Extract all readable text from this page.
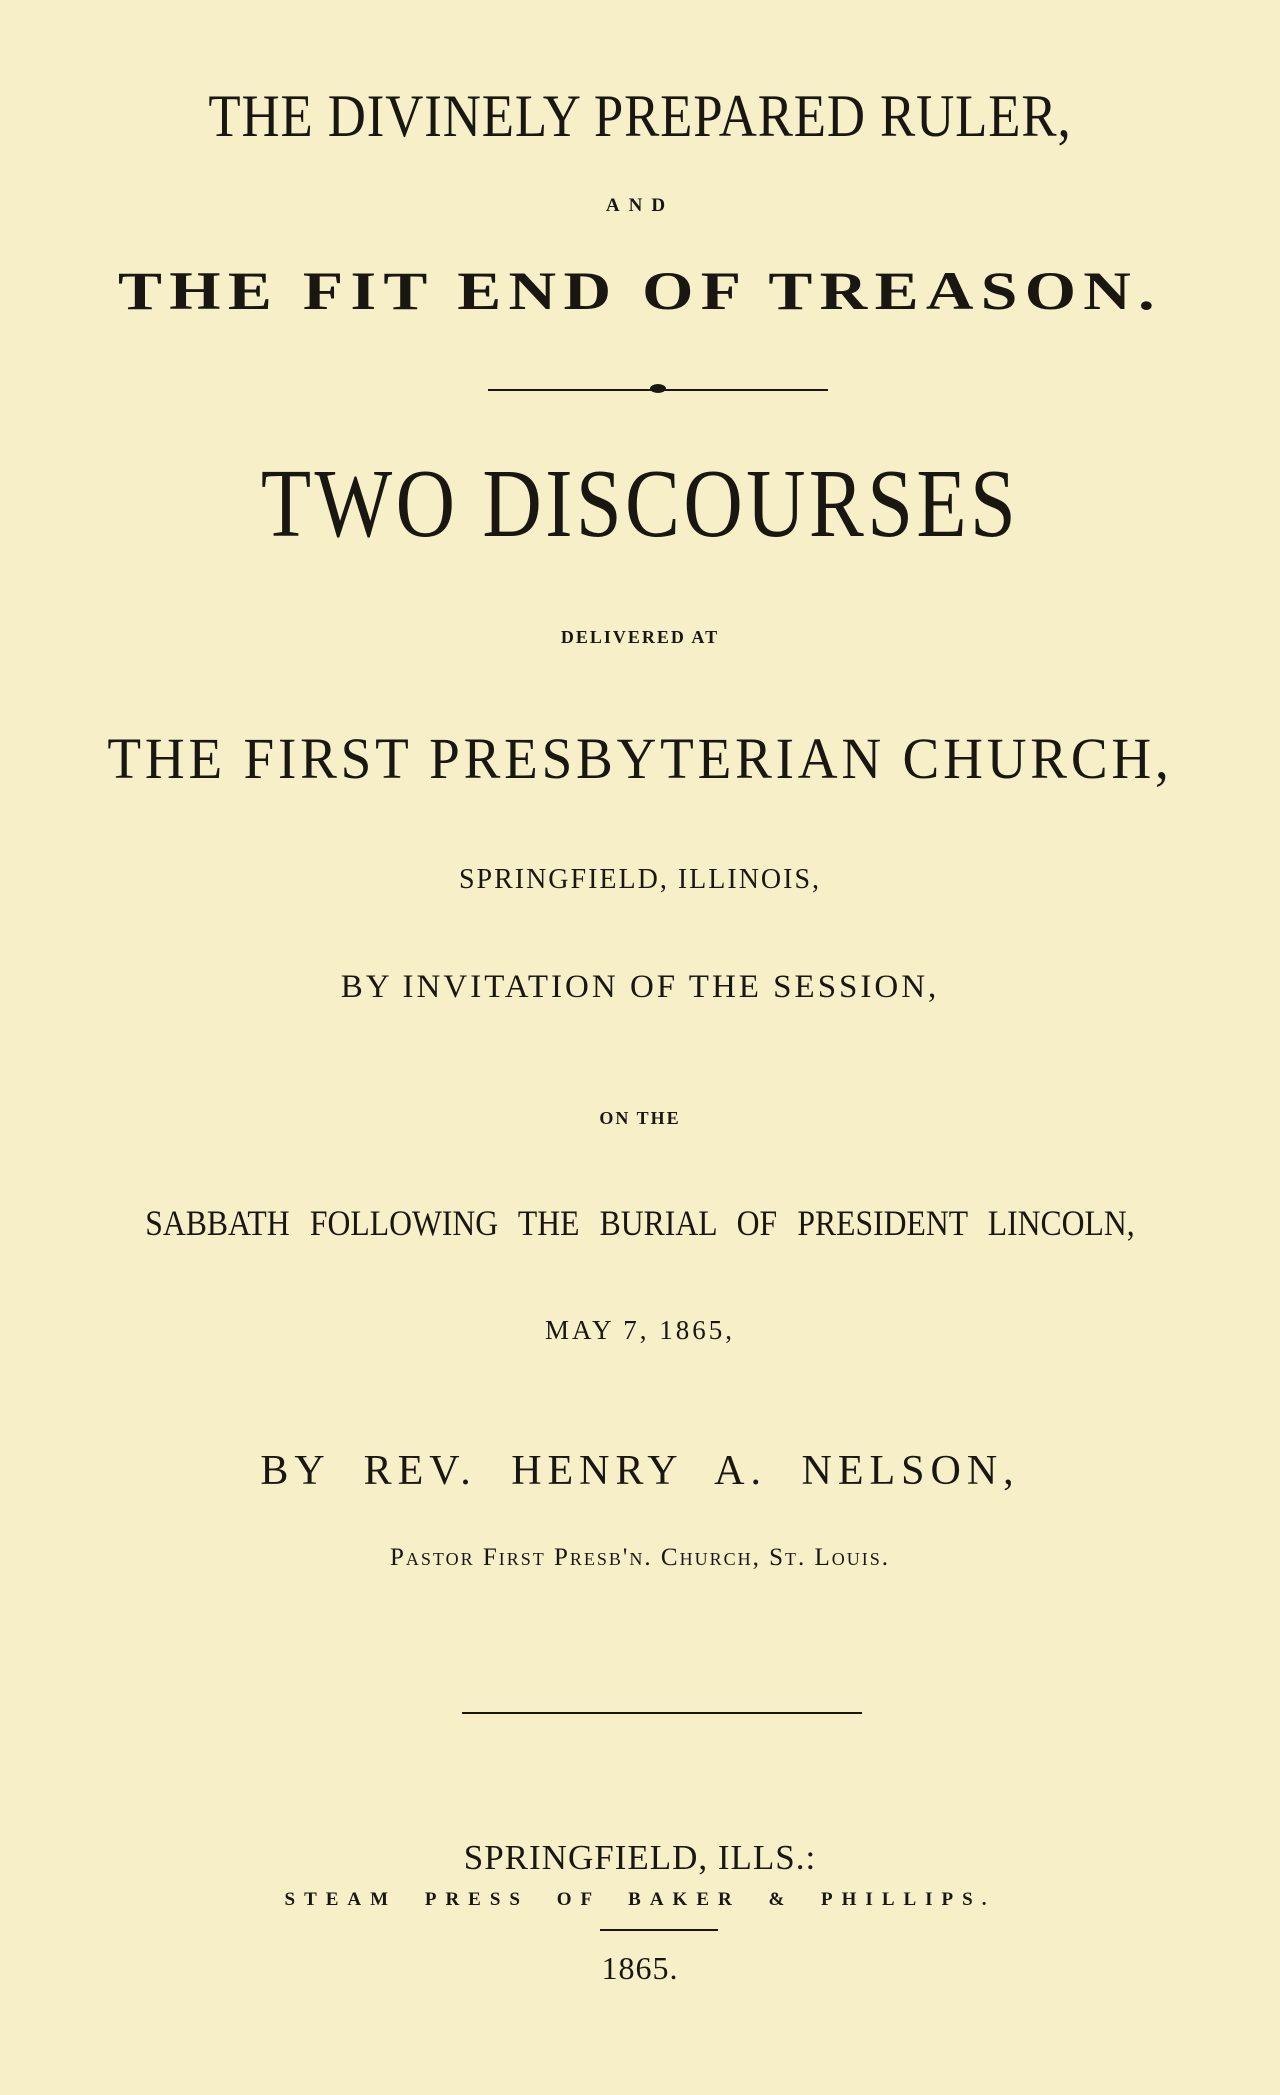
THE DIVINELY PREPARED RULER,
AND
THE FIT END OF TREASON.
TWO DISCOURSES
DELIVERED AT
THE FIRST PRESBYTERIAN CHURCH,
SPRINGFIELD, ILLINOIS,
BY INVITATION OF THE SESSION,
ON THE
SABBATH FOLLOWING THE BURIAL OF PRESIDENT LINCOLN,
MAY 7, 1865,
BY REV. HENRY A. NELSON,
Pastor First Presb'n. Church, St. Louis.
SPRINGFIELD, ILLS.:
STEAM PRESS OF BAKER & PHILLIPS.
1865.
